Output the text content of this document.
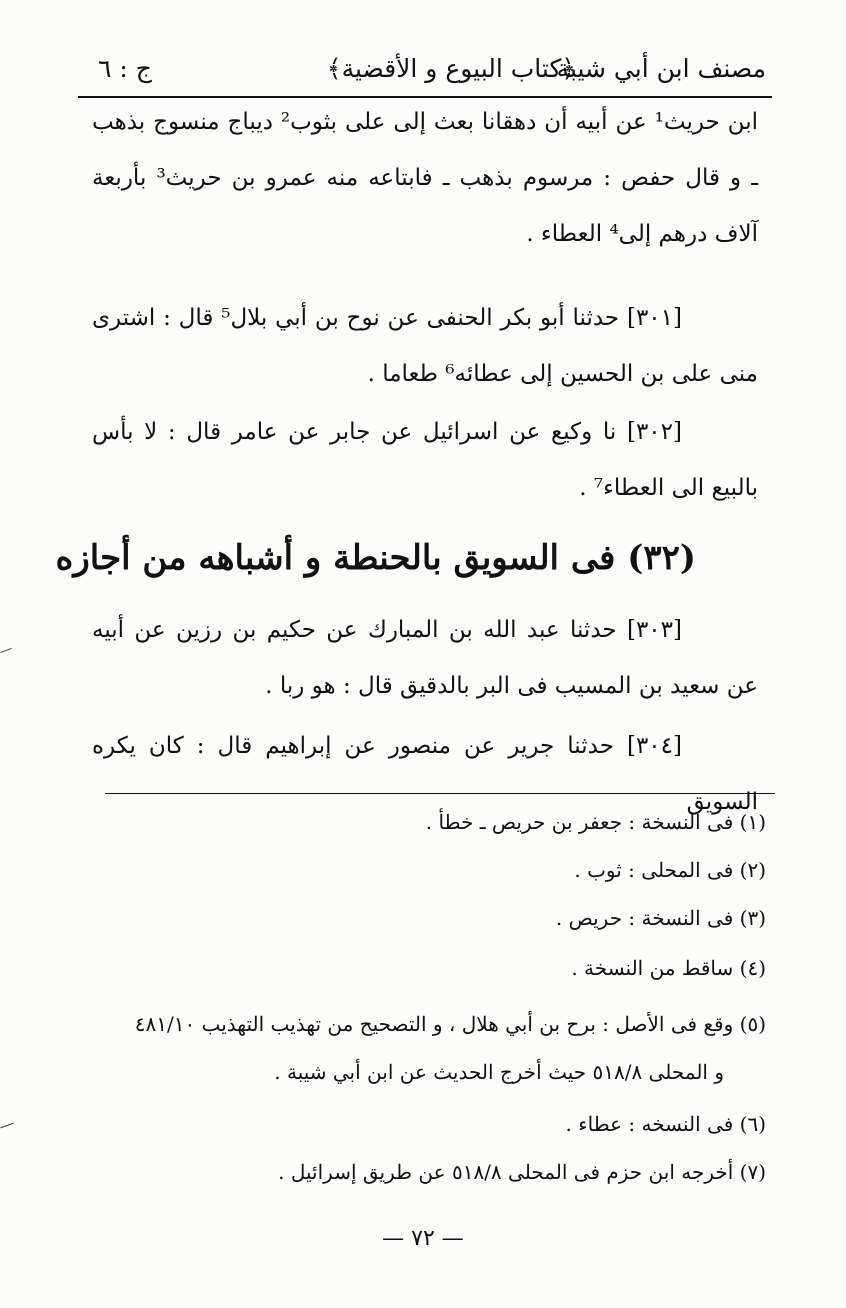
مصنف ابن أبي شيبة
﴿كتاب البيوع و الأقضية﴾
ج : ٦

ابن حريث¹ عن أبيه أن دهقانا بعث إلى على بثوب² ديباج منسوج بذهب ـ و قال حفص : مرسوم بذهب ـ فابتاعه منه عمرو بن حريث³ بأربعة آلاف درهم إلى⁴ العطاء .

[٣٠١] حدثنا أبو بكر الحنفى عن نوح بن أبي بلال⁵ قال : اشترى منى على بن الحسين إلى عطائه⁶ طعاما .

[٣٠٢] نا وكيع عن اسرائيل عن جابر عن عامر قال : لا بأس بالبيع الى العطاء⁷ .

(٣٢) فى السويق بالحنطة و أشباهه من أجازه

[٣٠٣] حدثنا عبد الله بن المبارك عن حكيم بن رزين عن أبيه عن سعيد بن المسيب فى البر بالدقيق قال : هو ربا .

[٣٠٤] حدثنا جرير عن منصور عن إبراهيم قال : كان يكره السويق

(١) فى النسخة : جعفر بن حريص ـ خطأ .
(٢) فى المحلى : ثوب .
(٣) فى النسخة : حريص .
(٤) ساقط من النسخة .
(٥) وقع فى الأصل : برح بن أبي هلال ، و التصحيح من تهذيب التهذيب ٤٨١/١٠
و المحلى ٥١٨/٨ حيث أخرج الحديث عن ابن أبي شيبة .
(٦) فى النسخه : عطاء .
(٧) أخرجه ابن حزم فى المحلى ٥١٨/٨ عن طريق إسرائيل .
— ٧٢ —
